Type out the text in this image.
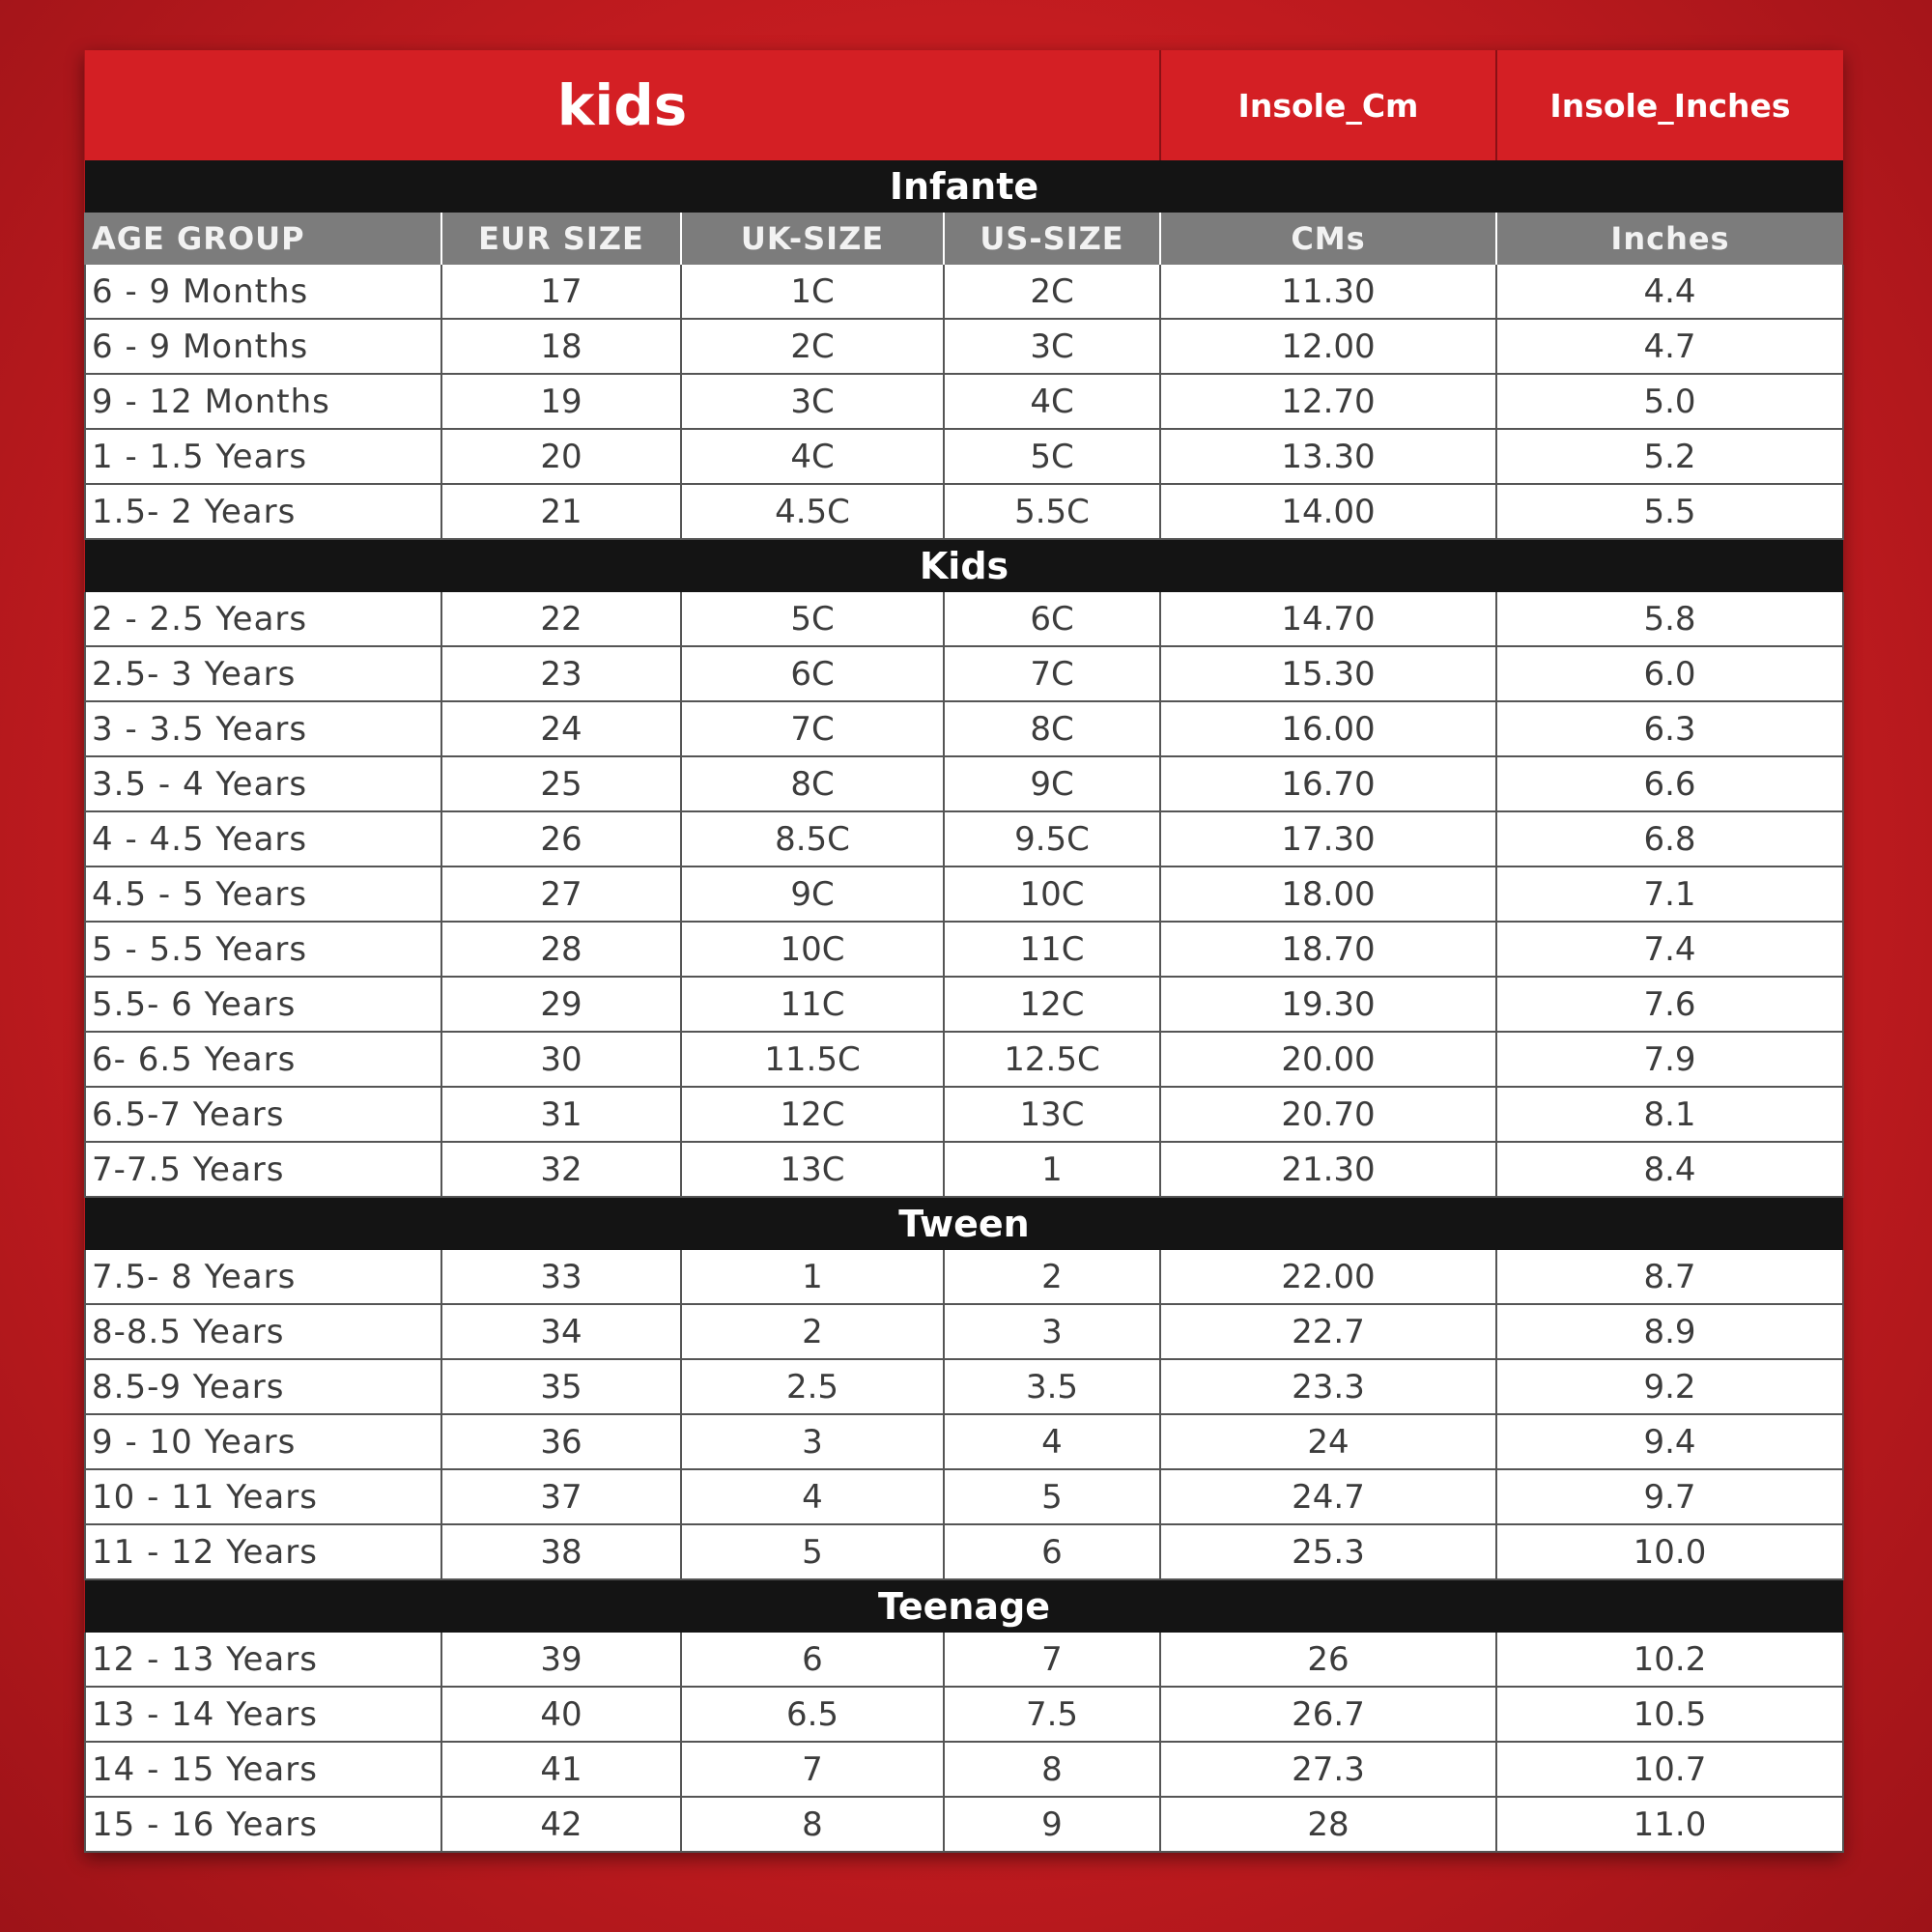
kids				Insole_Cm	Insole_Inches
Infante					
AGE GROUP	EUR SIZE	UK-SIZE	US-SIZE	CMs	Inches
6 - 9 Months	17	1C	2C	11.30	4.4
6 - 9 Months	18	2C	3C	12.00	4.7
9 - 12 Months	19	3C	4C	12.70	5.0
1 - 1.5 Years	20	4C	5C	13.30	5.2
1.5- 2 Years	21	4.5C	5.5C	14.00	5.5
Kids					
2 - 2.5 Years	22	5C	6C	14.70	5.8
2.5- 3 Years	23	6C	7C	15.30	6.0
3 - 3.5 Years	24	7C	8C	16.00	6.3
3.5 - 4 Years	25	8C	9C	16.70	6.6
4 - 4.5 Years	26	8.5C	9.5C	17.30	6.8
4.5 - 5 Years	27	9C	10C	18.00	7.1
5 - 5.5 Years	28	10C	11C	18.70	7.4
5.5- 6 Years	29	11C	12C	19.30	7.6
6- 6.5 Years	30	11.5C	12.5C	20.00	7.9
6.5-7 Years	31	12C	13C	20.70	8.1
7-7.5 Years	32	13C	1	21.30	8.4
Tween					
7.5- 8 Years	33	1	2	22.00	8.7
8-8.5 Years	34	2	3	22.7	8.9
8.5-9 Years	35	2.5	3.5	23.3	9.2
9 - 10 Years	36	3	4	24	9.4
10 - 11 Years	37	4	5	24.7	9.7
11 - 12 Years	38	5	6	25.3	10.0
Teenage					
12 - 13 Years	39	6	7	26	10.2
13 - 14 Years	40	6.5	7.5	26.7	10.5
14 - 15 Years	41	7	8	27.3	10.7
15 - 16 Years	42	8	9	28	11.0
